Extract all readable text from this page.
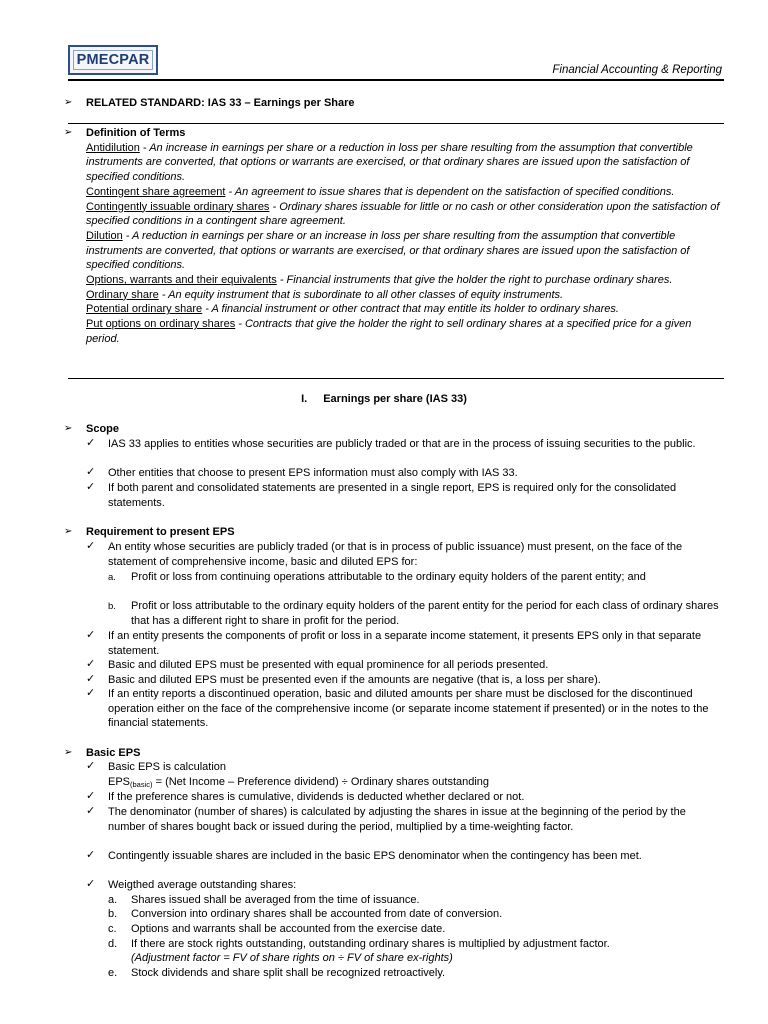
PMECPAR
Financial Accounting & Reporting
➢ RELATED STANDARD: IAS 33 – Earnings per Share
➢ Definition of Terms
Antidilution - An increase in earnings per share or a reduction in loss per share resulting from the assumption that convertible instruments are converted, that options or warrants are exercised, or that ordinary shares are issued upon the satisfaction of specified conditions.
Contingent share agreement - An agreement to issue shares that is dependent on the satisfaction of specified conditions.
Contingently issuable ordinary shares - Ordinary shares issuable for little or no cash or other consideration upon the satisfaction of specified conditions in a contingent share agreement.
Dilution - A reduction in earnings per share or an increase in loss per share resulting from the assumption that convertible instruments are converted, that options or warrants are exercised, or that ordinary shares are issued upon the satisfaction of specified conditions.
Options, warrants and their equivalents - Financial instruments that give the holder the right to purchase ordinary shares.
Ordinary share - An equity instrument that is subordinate to all other classes of equity instruments.
Potential ordinary share - A financial instrument or other contract that may entitle its holder to ordinary shares.
Put options on ordinary shares - Contracts that give the holder the right to sell ordinary shares at a specified price for a given period.
I. Earnings per share (IAS 33)
➢ Scope
✓ IAS 33 applies to entities whose securities are publicly traded or that are in the process of issuing securities to the public.
✓ Other entities that choose to present EPS information must also comply with IAS 33.
✓ If both parent and consolidated statements are presented in a single report, EPS is required only for the consolidated statements.
➢ Requirement to present EPS
✓ An entity whose securities are publicly traded (or that is in process of public issuance) must present, on the face of the statement of comprehensive income, basic and diluted EPS for:
a. Profit or loss from continuing operations attributable to the ordinary equity holders of the parent entity; and
b. Profit or loss attributable to the ordinary equity holders of the parent entity for the period for each class of ordinary shares that has a different right to share in profit for the period.
✓ If an entity presents the components of profit or loss in a separate income statement, it presents EPS only in that separate statement.
✓ Basic and diluted EPS must be presented with equal prominence for all periods presented.
✓ Basic and diluted EPS must be presented even if the amounts are negative (that is, a loss per share).
✓ If an entity reports a discontinued operation, basic and diluted amounts per share must be disclosed for the discontinued operation either on the face of the comprehensive income (or separate income statement if presented) or in the notes to the financial statements.
➢ Basic EPS
✓ Basic EPS is calculation
$EPS_{(basic)} = (Net$ Income – Preference dividend) ÷ Ordinary shares outstanding
✓ If the preference shares is cumulative, dividends is deducted whether declared or not.
✓ The denominator (number of shares) is calculated by adjusting the shares in issue at the beginning of the period by the number of shares bought back or issued during the period, multiplied by a time-weighting factor.
✓ Contingently issuable shares are included in the basic EPS denominator when the contingency has been met.
✓ Weigthed average outstanding shares:
a. Shares issued shall be averaged from the time of issuance.
b. Conversion into ordinary shares shall be accounted from date of conversion.
c. Options and warrants shall be accounted from the exercise date.
d. If there are stock rights outstanding, outstanding ordinary shares is multiplied by adjustment factor.
(Adjustment factor = FV of share rights on ÷ FV of share ex-rights)
e. Stock dividends and share split shall be recognized retroactively.
